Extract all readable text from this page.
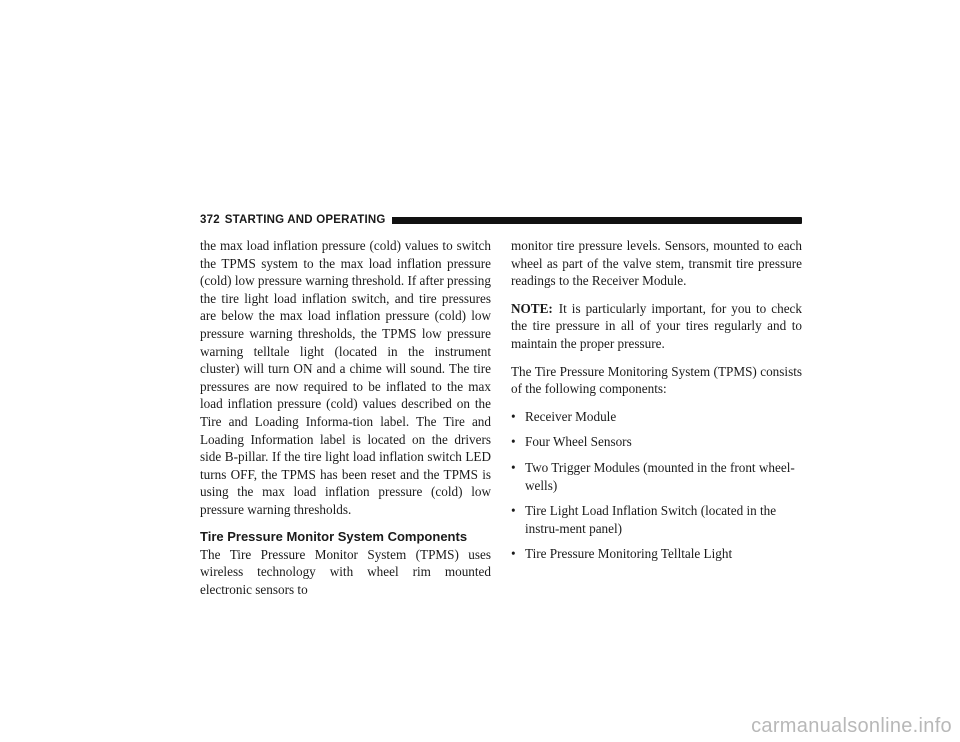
372 STARTING AND OPERATING

the max load inflation pressure (cold) values to switch the TPMS system to the max load inflation pressure (cold) low pressure warning threshold. If after pressing the tire light load inflation switch, and tire pressures are below the max load inflation pressure (cold) low pressure warning thresholds, the TPMS low pressure warning telltale light (located in the instrument cluster) will turn ON and a chime will sound. The tire pressures are now required to be inflated to the max load inflation pressure (cold) values described on the Tire and Loading Informa-tion label. The Tire and Loading Information label is located on the drivers side B-pillar. If the tire light load inflation switch LED turns OFF, the TPMS has been reset and the TPMS is using the max load inflation pressure (cold) low pressure warning thresholds.

Tire Pressure Monitor System Components

The Tire Pressure Monitor System (TPMS) uses wireless technology with wheel rim mounted electronic sensors to

monitor tire pressure levels. Sensors, mounted to each wheel as part of the valve stem, transmit tire pressure readings to the Receiver Module.

NOTE: It is particularly important, for you to check the tire pressure in all of your tires regularly and to maintain the proper pressure.

The Tire Pressure Monitoring System (TPMS) consists of the following components:

• Receiver Module
• Four Wheel Sensors
• Two Trigger Modules (mounted in the front wheel-wells)
• Tire Light Load Inflation Switch (located in the instru-ment panel)
• Tire Pressure Monitoring Telltale Light
carmanualsonline.info
